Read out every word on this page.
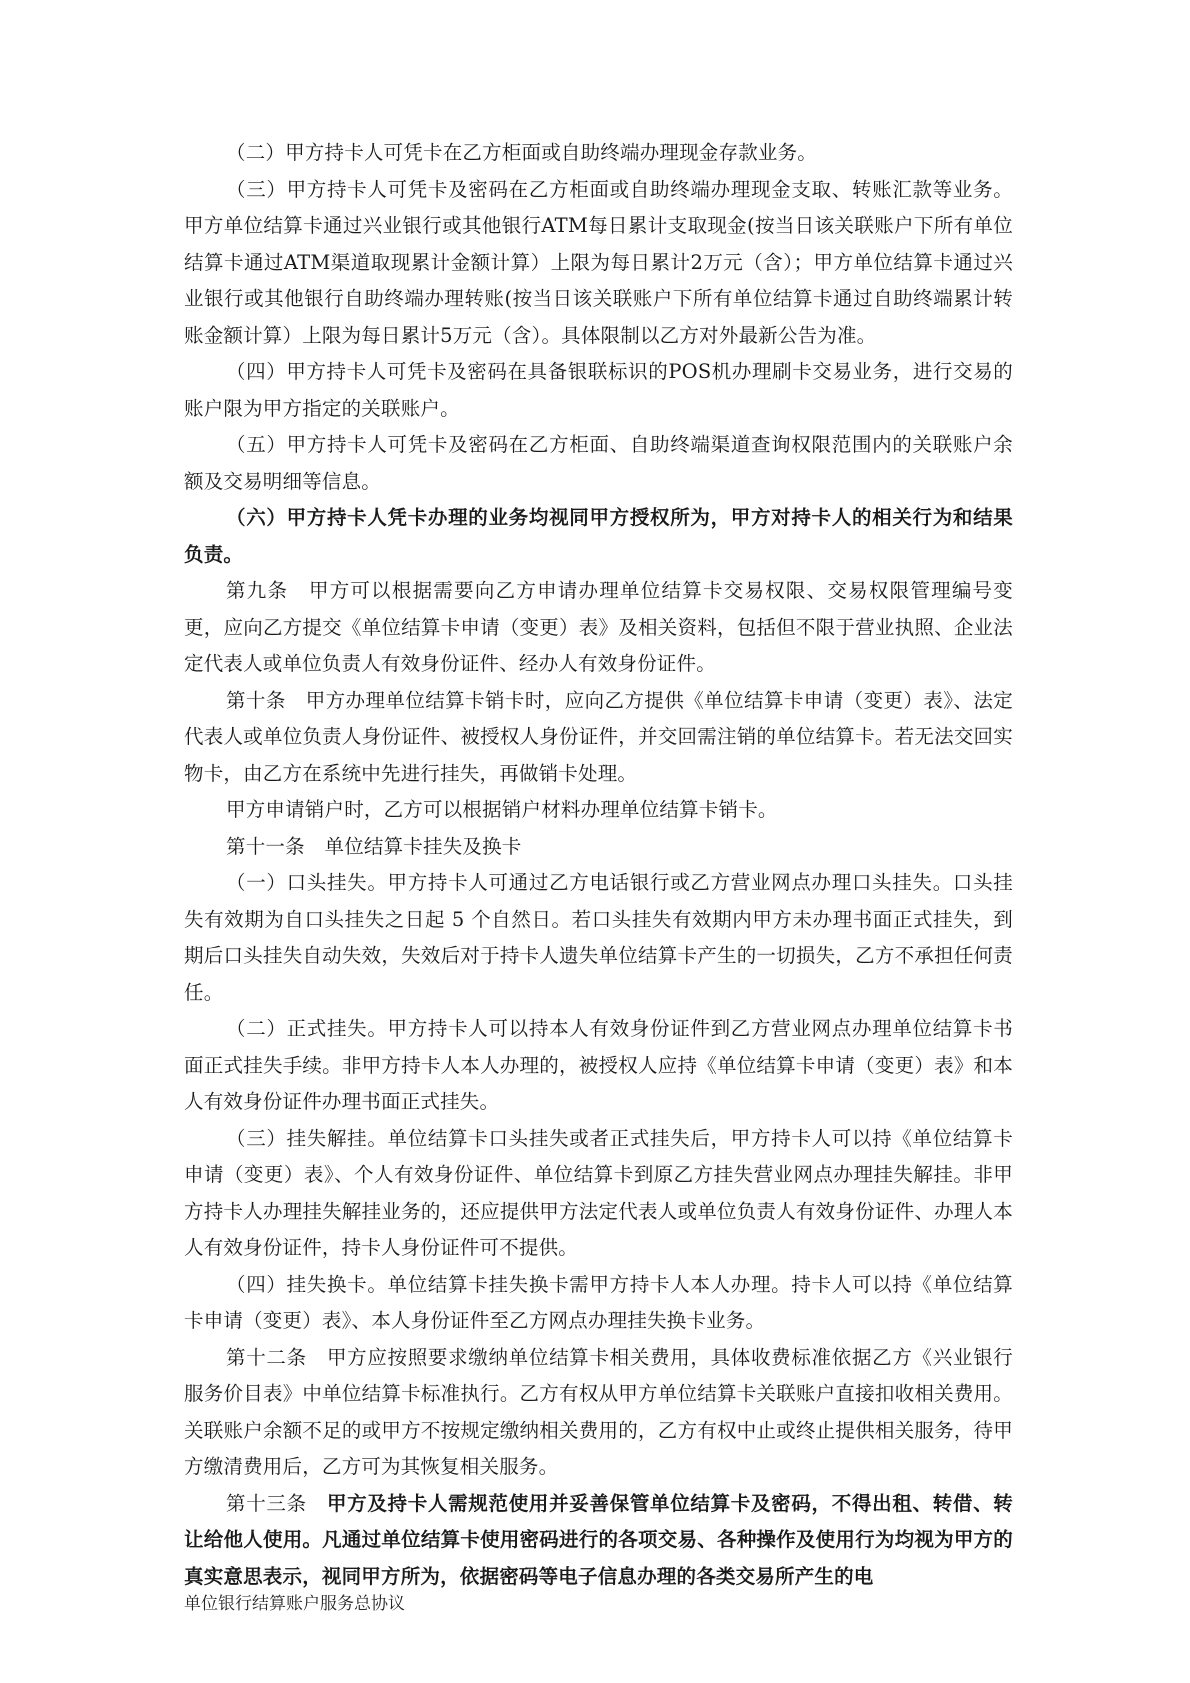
（二）甲方持卡人可凭卡在乙方柜面或自助终端办理现金存款业务。

（三）甲方持卡人可凭卡及密码在乙方柜面或自助终端办理现金支取、转账汇款等业务。甲方单位结算卡通过兴业银行或其他银行ATM每日累计支取现金(按当日该关联账户下所有单位结算卡通过ATM渠道取现累计金额计算）上限为每日累计2万元（含）；甲方单位结算卡通过兴业银行或其他银行自助终端办理转账(按当日该关联账户下所有单位结算卡通过自助终端累计转账金额计算）上限为每日累计5万元（含）。具体限制以乙方对外最新公告为准。

（四）甲方持卡人可凭卡及密码在具备银联标识的POS机办理刷卡交易业务，进行交易的账户限为甲方指定的关联账户。

（五）甲方持卡人可凭卡及密码在乙方柜面、自助终端渠道查询权限范围内的关联账户余额及交易明细等信息。

（六）甲方持卡人凭卡办理的业务均视同甲方授权所为，甲方对持卡人的相关行为和结果负责。

第九条　甲方可以根据需要向乙方申请办理单位结算卡交易权限、交易权限管理编号变更，应向乙方提交《单位结算卡申请（变更）表》及相关资料，包括但不限于营业执照、企业法定代表人或单位负责人有效身份证件、经办人有效身份证件。

第十条　甲方办理单位结算卡销卡时，应向乙方提供《单位结算卡申请（变更）表》、法定代表人或单位负责人身份证件、被授权人身份证件，并交回需注销的单位结算卡。若无法交回实物卡，由乙方在系统中先进行挂失，再做销卡处理。

甲方申请销户时，乙方可以根据销户材料办理单位结算卡销卡。

第十一条　单位结算卡挂失及换卡

（一）口头挂失。甲方持卡人可通过乙方电话银行或乙方营业网点办理口头挂失。口头挂失有效期为自口头挂失之日起 5 个自然日。若口头挂失有效期内甲方未办理书面正式挂失，到期后口头挂失自动失效，失效后对于持卡人遗失单位结算卡产生的一切损失，乙方不承担任何责任。

（二）正式挂失。甲方持卡人可以持本人有效身份证件到乙方营业网点办理单位结算卡书面正式挂失手续。非甲方持卡人本人办理的，被授权人应持《单位结算卡申请（变更）表》和本人有效身份证件办理书面正式挂失。

（三）挂失解挂。单位结算卡口头挂失或者正式挂失后，甲方持卡人可以持《单位结算卡申请（变更）表》、个人有效身份证件、单位结算卡到原乙方挂失营业网点办理挂失解挂。非甲方持卡人办理挂失解挂业务的，还应提供甲方法定代表人或单位负责人有效身份证件、办理人本人有效身份证件，持卡人身份证件可不提供。

（四）挂失换卡。单位结算卡挂失换卡需甲方持卡人本人办理。持卡人可以持《单位结算卡申请（变更）表》、本人身份证件至乙方网点办理挂失换卡业务。

第十二条　甲方应按照要求缴纳单位结算卡相关费用，具体收费标准依据乙方《兴业银行服务价目表》中单位结算卡标准执行。乙方有权从甲方单位结算卡关联账户直接扣收相关费用。关联账户余额不足的或甲方不按规定缴纳相关费用的，乙方有权中止或终止提供相关服务，待甲方缴清费用后，乙方可为其恢复相关服务。

第十三条　甲方及持卡人需规范使用并妥善保管单位结算卡及密码，不得出租、转借、转让给他人使用。凡通过单位结算卡使用密码进行的各项交易、各种操作及使用行为均视为甲方的真实意思表示，视同甲方所为，依据密码等电子信息办理的各类交易所产生的电

单位银行结算账户服务总协议
